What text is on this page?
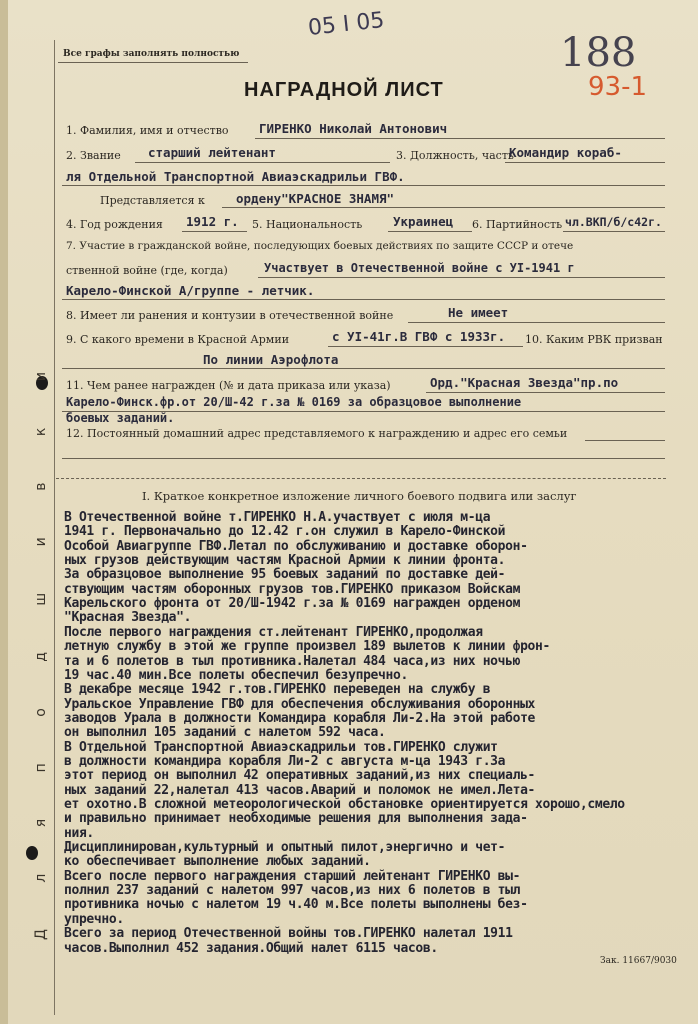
Все графы заполнять полностью
05 I 05
188
93-1
НАГРАДНОЙ ЛИСТ
1. Фамилия, имя и отчество ГИРЕНКО Николай Антонович
2. Звание старший лейтенант	3. Должность, часть
Командир кораб-
ля Отдельной Транспортной Авиаэскадрильи ГВФ.
Представляется к ордену"КРАСНОЕ ЗНАМЯ"
4. Год рождения 1912 г. 5. Национальность Украинец 6. Партийность чл.ВКП/б/с42г.
7. Участие в гражданской войне, последующих боевых действиях по защите СССР и отече
ственной войне (где, когда)	Участвует в Отечественной войне с УI-1941 г
Карело-Финской А/группе - летчик.
8. Имеет ли ранения и контузии в отечественной войне	Не имеет
9. С какого времени в Красной Армии	с УI-41г.В ГВФ с 1933г. 10. Каким РВК призван
По линии Аэрофлота
11. Чем ранее награжден (№ и дата приказа или указа)	Орд."Красная Звезда"пр.по
Карело-Финск.фр.от 20/Ш-42 г.за № 0169 за образцовое выполнение
боевых заданий.
12. Постоянный домашний адрес представляемого к награждению и адрес его семьи
Д л я п о д ш и в к и	I. Краткое конкретное изложение личного боевого подвига или заслуг
В Отечественной войне т.ГИРЕНКО Н.А.участвует с июля м-ца
1941 г. Первоначально до 12.42 г.он служил в Карело-Финской
Особой Авиагруппе ГВФ.Летал по обслуживанию и доставке оборон-
ных грузов действующим частям Красной Армии к линии фронта.
За образцовое выполнение 95 боевых заданий по доставке дей-
ствующим частям оборонных грузов тов.ГИРЕНКО приказом Войскам
Карельского фронта от 20/Ш-1942 г.за № 0169 награжден орденом
"Красная Звезда".
После первого награждения ст.лейтенант ГИРЕНКО,продолжая
летную службу в этой же группе произвел 189 вылетов к линии фрон-
та и 6 полетов в тыл противника.Налетал 484 часа,из них ночью
19 час.40 мин.Все полеты обеспечил безупречно.
В декабре месяце 1942 г.тов.ГИРЕНКО переведен на службу в
Уральское Управление ГВФ для обеспечения обслуживания оборонных
заводов Урала в должности Командира корабля Ли-2.На этой работе
он выполнил 105 заданий с налетом 592 часа.
В Отдельной Транспортной Авиаэскадрильи тов.ГИРЕНКО служит
в должности командира корабля Ли-2 с августа м-ца 1943 г.За
этот период он выполнил 42 оперативных заданий,из них специаль-
ных заданий 22,налетал 413 часов.Аварий и поломок не имел.Лета-
ет охотно.В сложной метеорологической обстановке ориентируется хорошо,смело
и правильно принимает необходимые решения для выполнения зада-
ния.
Дисциплинирован,культурный и опытный пилот,энергично и чет-
ко обеспечивает выполнение любых заданий.
Всего после первого награждения старший лейтенант ГИРЕНКО вы-
полнил 237 заданий с налетом 997 часов,из них 6 полетов в тыл
противника ночью с налетом 19 ч.40 м.Все полеты выполнены без-
упречно.
Всего за период Отечественной войны тов.ГИРЕНКО налетал 1911
часов.Выполнил 452 задания.Общий налет 6115 часов.
Зак. 11667/9030
